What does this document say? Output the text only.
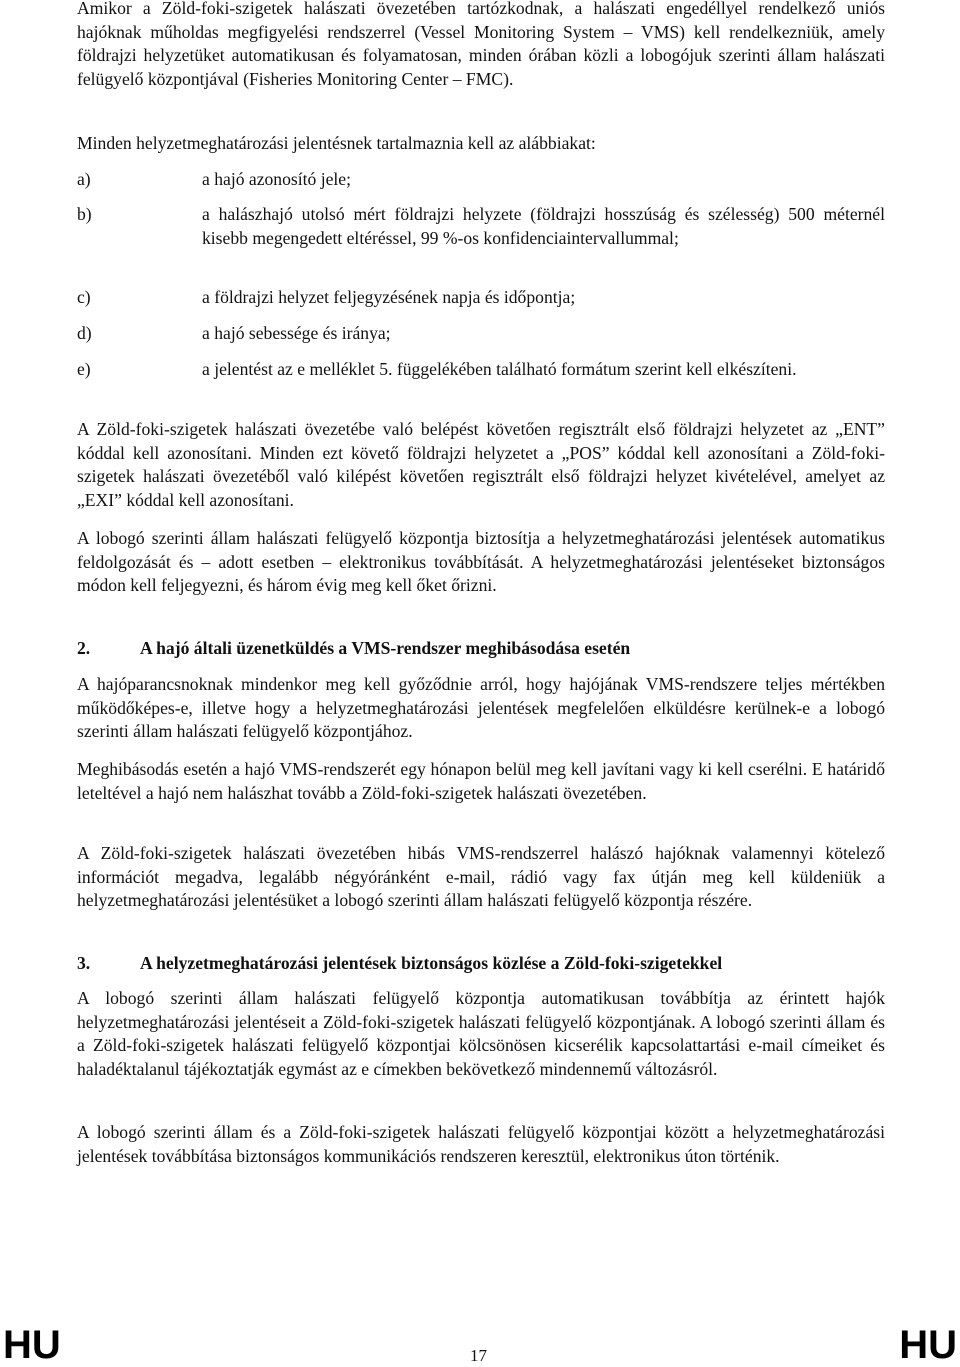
Amikor a Zöld-foki-szigetek halászati övezetében tartózkodnak, a halászati engedéllyel rendelkező uniós hajóknak műholdas megfigyelési rendszerrel (Vessel Monitoring System – VMS) kell rendelkezniük, amely földrajzi helyzetüket automatikusan és folyamatosan, minden órában közli a lobogójuk szerinti állam halászati felügyelő központjával (Fisheries Monitoring Center – FMC).

Minden helyzetmeghatározási jelentésnek tartalmaznia kell az alábbiakat:

a)	a hajó azonosító jele;
b)	a halászhajó utolsó mért földrajzi helyzete (földrajzi hosszúság és szélesség) 500 méternél kisebb megengedett eltéréssel, 99 %-os konfidenciaintervallummal;
c)	a földrajzi helyzet feljegyzésének napja és időpontja;
d)	a hajó sebessége és iránya;
e)	a jelentést az e melléklet 5. függelékében található formátum szerint kell elkészíteni.

A Zöld-foki-szigetek halászati övezetébe való belépést követően regisztrált első földrajzi helyzetet az „ENT” kóddal kell azonosítani. Minden ezt követő földrajzi helyzetet a „POS” kóddal kell azonosítani a Zöld-foki-szigetek halászati övezetéből való kilépést követően regisztrált első földrajzi helyzet kivételével, amelyet az „EXI” kóddal kell azonosítani.

A lobogó szerinti állam halászati felügyelő központja biztosítja a helyzetmeghatározási jelentések automatikus feldolgozását és – adott esetben – elektronikus továbbítását. A helyzetmeghatározási jelentéseket biztonságos módon kell feljegyezni, és három évig meg kell őket őrizni.

2.	A hajó általi üzenetküldés a VMS-rendszer meghibásodása esetén

A hajóparancsnoknak mindenkor meg kell győződnie arról, hogy hajójának VMS-rendszere teljes mértékben működőképes-e, illetve hogy a helyzetmeghatározási jelentések megfelelően elküldésre kerülnek-e a lobogó szerinti állam halászati felügyelő központjához.

Meghibásodás esetén a hajó VMS-rendszerét egy hónapon belül meg kell javítani vagy ki kell cserélni. E határidő leteltével a hajó nem halászhat tovább a Zöld-foki-szigetek halászati övezetében.

A Zöld-foki-szigetek halászati övezetében hibás VMS-rendszerrel halászó hajóknak valamennyi kötelező információt megadva, legalább négyóránként e-mail, rádió vagy fax útján meg kell küldeniük a helyzetmeghatározási jelentésüket a lobogó szerinti állam halászati felügyelő központja részére.

3.	A helyzetmeghatározási jelentések biztonságos közlése a Zöld-foki-szigetekkel

A lobogó szerinti állam halászati felügyelő központja automatikusan továbbítja az érintett hajók helyzetmeghatározási jelentéseit a Zöld-foki-szigetek halászati felügyelő központjának. A lobogó szerinti állam és a Zöld-foki-szigetek halászati felügyelő központjai kölcsönösen kicserélik kapcsolattartási e-mail címeiket és haladéktalanul tájékoztatják egymást az e címekben bekövetkező mindennemű változásról.

A lobogó szerinti állam és a Zöld-foki-szigetek halászati felügyelő központjai között a helyzetmeghatározási jelentések továbbítása biztonságos kommunikációs rendszeren keresztül, elektronikus úton történik.

HU	17	HU
